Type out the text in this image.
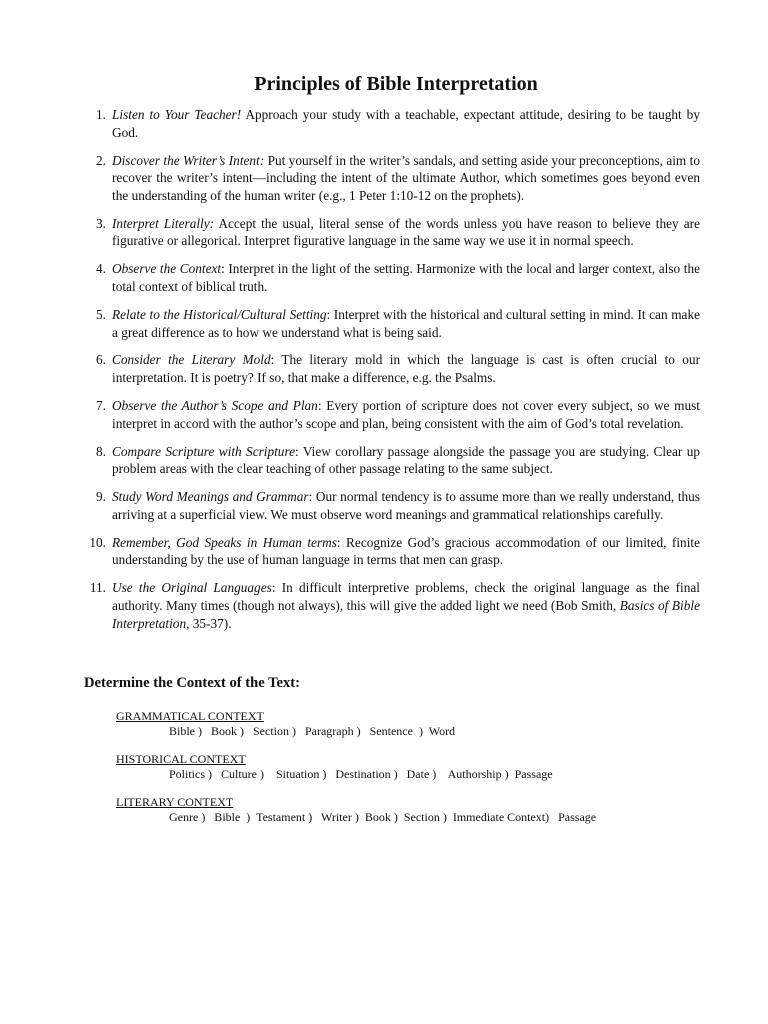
Principles of Bible Interpretation
1. Listen to Your Teacher! Approach your study with a teachable, expectant attitude, desiring to be taught by God.
2. Discover the Writer’s Intent: Put yourself in the writer’s sandals, and setting aside your preconceptions, aim to recover the writer’s intent—including the intent of the ultimate Author, which sometimes goes beyond even the understanding of the human writer (e.g., 1 Peter 1:10-12 on the prophets).
3. Interpret Literally: Accept the usual, literal sense of the words unless you have reason to believe they are figurative or allegorical. Interpret figurative language in the same way we use it in normal speech.
4. Observe the Context: Interpret in the light of the setting. Harmonize with the local and larger context, also the total context of biblical truth.
5. Relate to the Historical/Cultural Setting: Interpret with the historical and cultural setting in mind. It can make a great difference as to how we understand what is being said.
6. Consider the Literary Mold: The literary mold in which the language is cast is often crucial to our interpretation. It is poetry? If so, that make a difference, e.g. the Psalms.
7. Observe the Author’s Scope and Plan: Every portion of scripture does not cover every subject, so we must interpret in accord with the author’s scope and plan, being consistent with the aim of God’s total revelation.
8. Compare Scripture with Scripture: View corollary passage alongside the passage you are studying. Clear up problem areas with the clear teaching of other passage relating to the same subject.
9. Study Word Meanings and Grammar: Our normal tendency is to assume more than we really understand, thus arriving at a superficial view. We must observe word meanings and grammatical relationships carefully.
10. Remember, God Speaks in Human terms: Recognize God’s gracious accommodation of our limited, finite understanding by the use of human language in terms that men can grasp.
11. Use the Original Languages: In difficult interpretive problems, check the original language as the final authority. Many times (though not always), this will give the added light we need (Bob Smith, Basics of Bible Interpretation, 35-37).
Determine the Context of the Text:
GRAMMATICAL CONTEXT
Bible )   Book )   Section )   Paragraph )   Sentence  )  Word
HISTORICAL CONTEXT
Politics )   Culture )    Situation )   Destination )   Date )    Authorship )  Passage
LITERARY CONTEXT
Genre )   Bible  )  Testament )   Writer )  Book )  Section )  Immediate Context)   Passage
